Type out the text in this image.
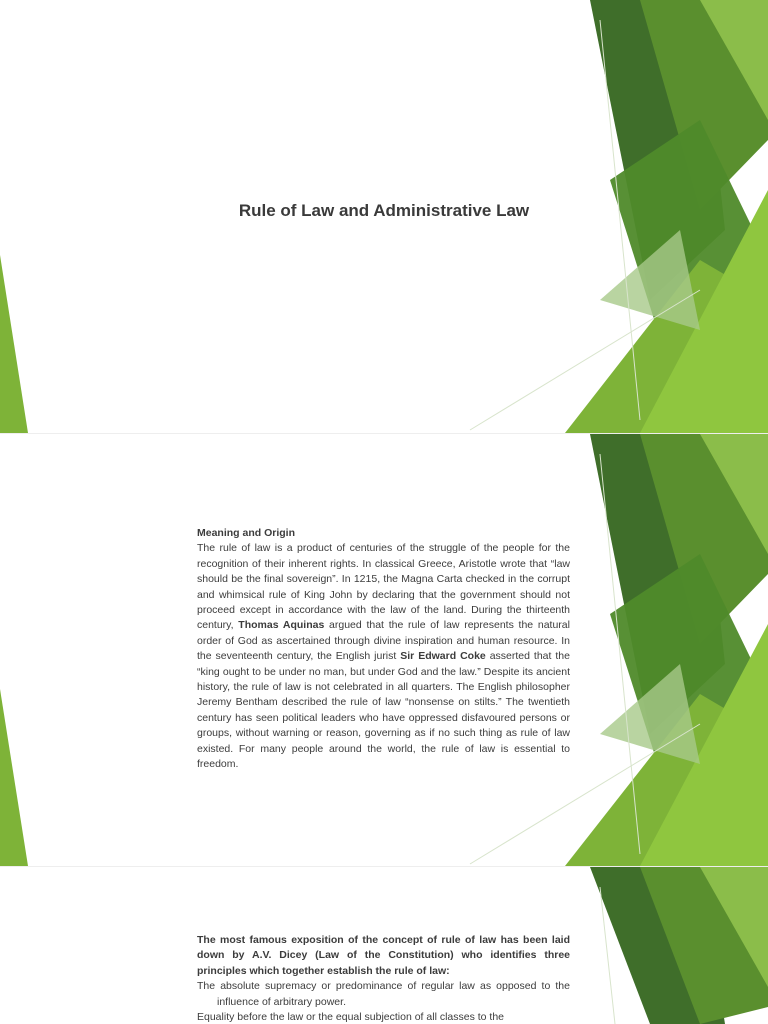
Rule of Law and Administrative Law

Meaning and Origin

The rule of law is a product of centuries of the struggle of the people for the recognition of their inherent rights. In classical Greece, Aristotle wrote that “law should be the final sovereign”. In 1215, the Magna Carta checked in the corrupt and whimsical rule of King John by declaring that the government should not proceed except in accordance with the law of the land. During the thirteenth century, Thomas Aquinas argued that the rule of law represents the natural order of God as ascertained through divine inspiration and human resource. In the seventeenth century, the English jurist Sir Edward Coke asserted that the “king ought to be under no man, but under God and the law.” Despite its ancient history, the rule of law is not celebrated in all quarters. The English philosopher Jeremy Bentham described the rule of law “nonsense on stilts.” The twentieth century has seen political leaders who have oppressed disfavoured persons or groups, without warning or reason, governing as if no such thing as rule of law existed. For many people around the world, the rule of law is essential to freedom.

The most famous exposition of the concept of rule of law has been laid down by A.V. Dicey (Law of the Constitution) who identifies three principles which together establish the rule of law:

The absolute supremacy or predominance of regular law as opposed to the influence of arbitrary power.

Equality before the law or the equal subjection of all classes to the
